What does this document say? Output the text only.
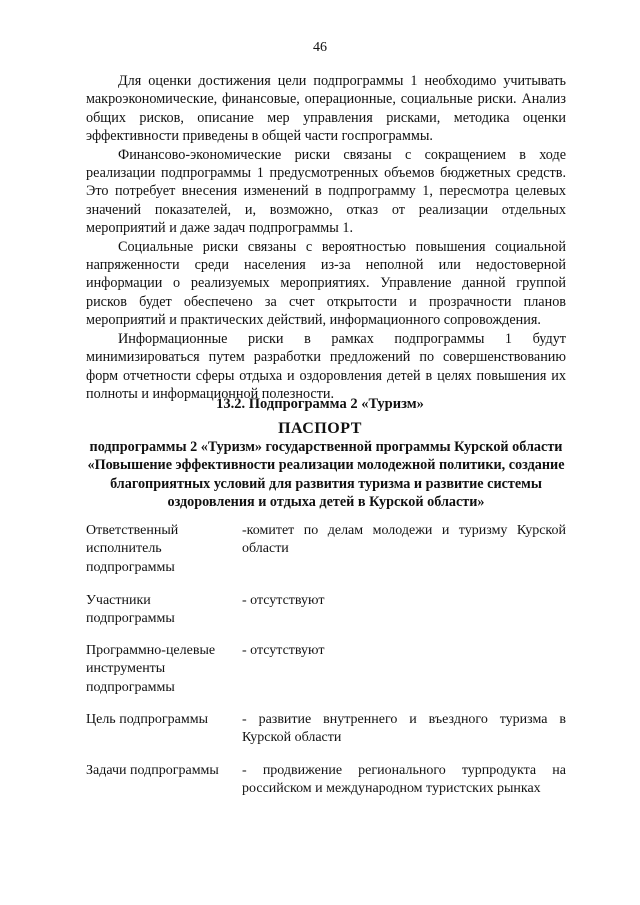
46

Для оценки достижения цели подпрограммы 1 необходимо учитывать макроэкономические, финансовые, операционные, социальные риски. Анализ общих рисков, описание мер управления рисками, методика оценки эффективности приведены в общей части госпрограммы.

Финансово-экономические риски связаны с сокращением в ходе реализации подпрограммы 1 предусмотренных объемов бюджетных средств. Это потребует внесения изменений в подпрограмму 1, пересмотра целевых значений показателей, и, возможно, отказ от реализации отдельных мероприятий и даже задач подпрограммы 1.

Социальные риски связаны с вероятностью повышения социальной напряженности среди населения из-за неполной или недостоверной информации о реализуемых мероприятиях. Управление данной группой рисков будет обеспечено за счет открытости и прозрачности планов мероприятий и практических действий, информационного сопровождения.

Информационные риски в рамках подпрограммы 1 будут минимизироваться путем разработки предложений по совершенствованию форм отчетности сферы отдыха и оздоровления детей в целях повышения их полноты и информационной полезности.

13.2. Подпрограмма 2 «Туризм»
ПАСПОРТ
подпрограммы 2 «Туризм» государственной программы Курской области «Повышение эффективности реализации молодежной политики, создание благоприятных условий для развития туризма и развитие системы оздоровления и отдыха детей в Курской области»
Ответственный исполнитель подпрограммы
-комитет по делам молодежи и туризму Курской области
Участники подпрограммы
- отсутствуют
Программно-целевые инструменты подпрограммы
- отсутствуют
Цель подпрограммы	- развитие внутреннего и въездного туризма в Курской области
Задачи подпрограммы	- продвижение регионального турпродукта на российском и международном туристских рынках
